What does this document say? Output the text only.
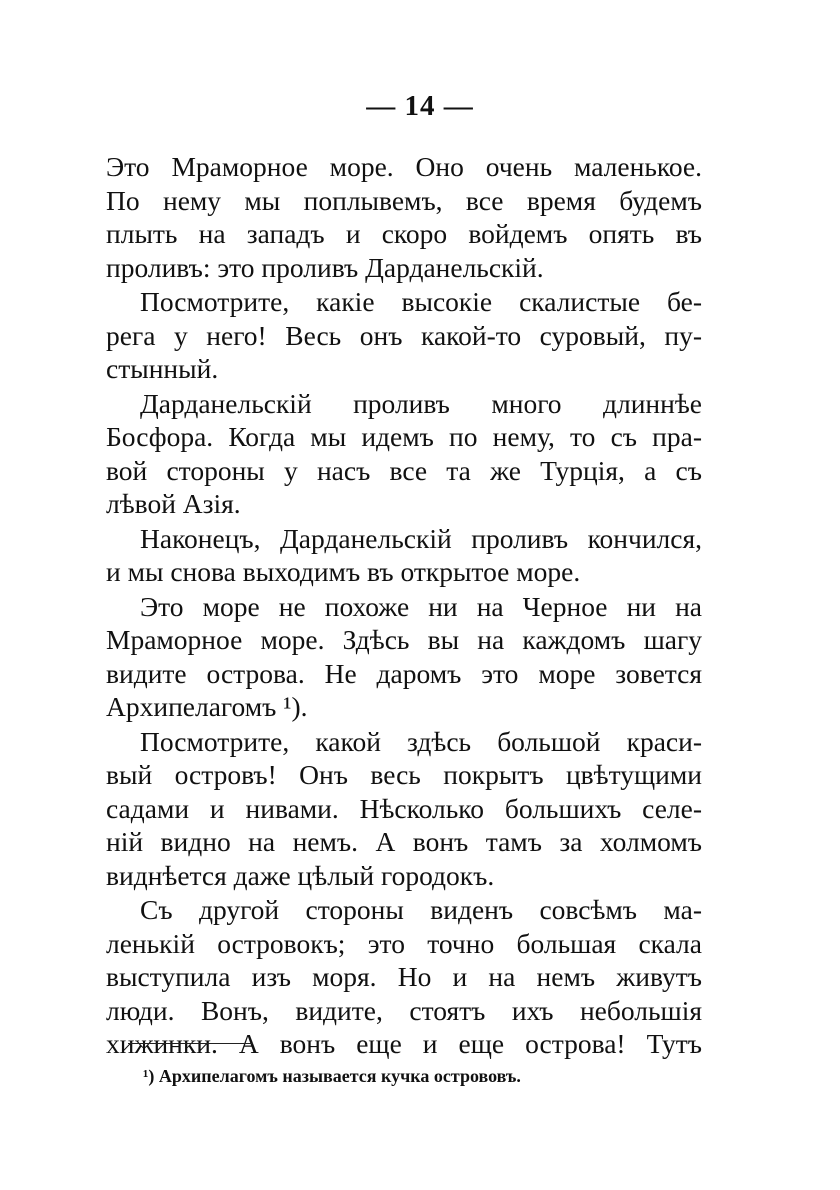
— 14 —
Это Мраморное море. Оно очень маленькое.
По нему мы поплывемъ, все время будемъ
плыть на западъ и скоро войдемъ опять въ
проливъ: это проливъ Дарданельскій.
Посмотрите, какіе высокіе скалистые бе-
рега у него! Весь онъ какой-то суровый, пу-
стынный.
Дарданельскій проливъ много длиннѣе
Босфора. Когда мы идемъ по нему, то съ пра-
вой стороны у насъ все та же Турція, а съ
лѣвой Азія.
Наконецъ, Дарданельскій проливъ кончился,
и мы снова выходимъ въ открытое море.
Это море не похоже ни на Черное ни на
Мраморное море. Здѣсь вы на каждомъ шагу
видите острова. Не даромъ это море зовется
Архипелагомъ ¹).
Посмотрите, какой здѣсь большой краси-
вый островъ! Онъ весь покрытъ цвѣтущими
садами и нивами. Нѣсколько большихъ селе-
ній видно на немъ. А вонъ тамъ за холмомъ
виднѣется даже цѣлый городокъ.
Съ другой стороны виденъ совсѣмъ ма-
ленькій островокъ; это точно большая скала
выступила изъ моря. Но и на немъ живутъ
люди. Вонъ, видите, стоятъ ихъ небольшія
хижинки. А вонъ еще и еще острова! Тутъ
¹) Архипелагомъ называется кучка острововъ.
